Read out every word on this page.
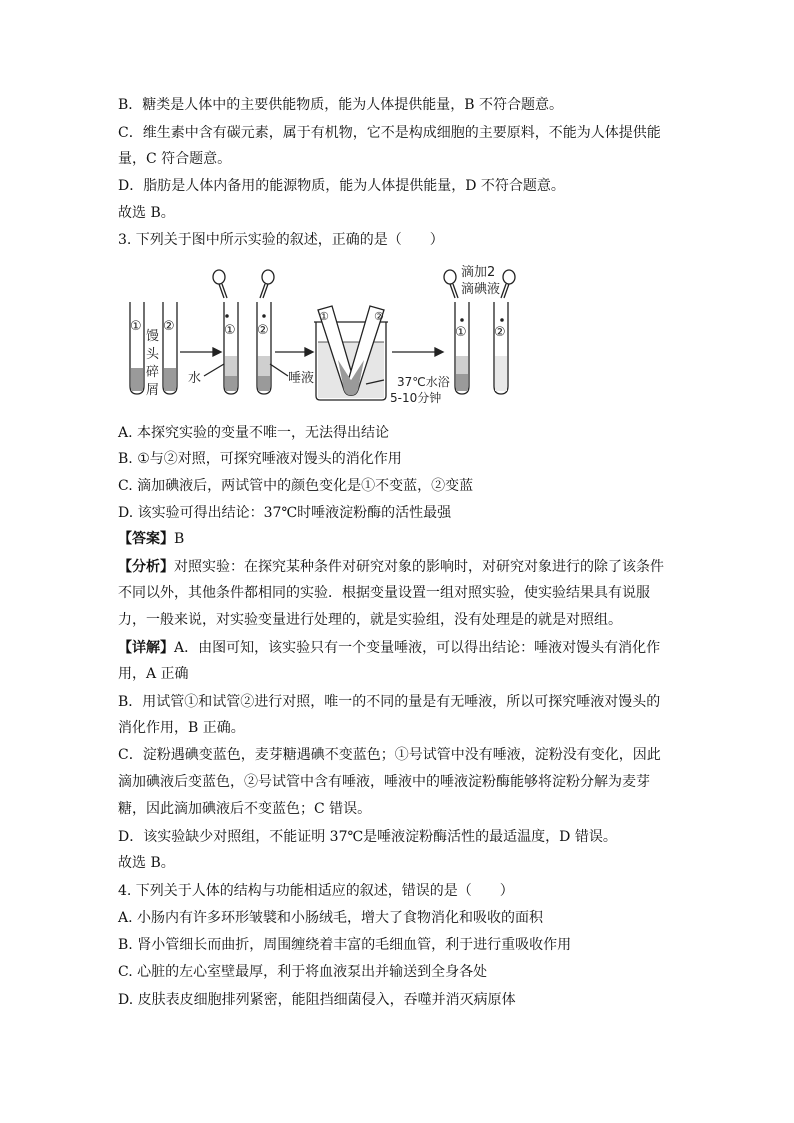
B．糖类是人体中的主要供能物质，能为人体提供能量，B 不符合题意。
C．维生素中含有碳元素，属于有机物，它不是构成细胞的主要原料，不能为人体提供能
量，C 符合题意。
D．脂肪是人体内备用的能源物质，能为人体提供能量，D 不符合题意。
故选 B。
3. 下列关于图中所示实验的叙述，正确的是（　　）
① ②
馒
头
碎
屑
① ②
水	唾液
①	②
37℃水浴
5-10分钟
滴加2
滴碘液
① ②
A. 本探究实验的变量不唯一，无法得出结论
B. ①与②对照，可探究唾液对馒头的消化作用
C. 滴加碘液后，两试管中的颜色变化是①不变蓝，②变蓝
D. 该实验可得出结论：37℃时唾液淀粉酶的活性最强
【答案】B
【分析】对照实验：在探究某种条件对研究对象的影响时，对研究对象进行的除了该条件
不同以外，其他条件都相同的实验．根据变量设置一组对照实验，使实验结果具有说服
力，一般来说，对实验变量进行处理的，就是实验组，没有处理是的就是对照组。
【详解】A．由图可知，该实验只有一个变量唾液，可以得出结论：唾液对馒头有消化作
用，A 正确
B．用试管①和试管②进行对照，唯一的不同的量是有无唾液，所以可探究唾液对馒头的
消化作用，B 正确。
C．淀粉遇碘变蓝色，麦芽糖遇碘不变蓝色；①号试管中没有唾液，淀粉没有变化，因此
滴加碘液后变蓝色，②号试管中含有唾液，唾液中的唾液淀粉酶能够将淀粉分解为麦芽
糖，因此滴加碘液后不变蓝色；C 错误。
D．该实验缺少对照组，不能证明 37℃是唾液淀粉酶活性的最适温度，D 错误。
故选 B。
4. 下列关于人体的结构与功能相适应的叙述，错误的是（　　）
A. 小肠内有许多环形皱襞和小肠绒毛，增大了食物消化和吸收的面积
B. 肾小管细长而曲折，周围缠绕着丰富的毛细血管，利于进行重吸收作用
C. 心脏的左心室壁最厚，利于将血液泵出并输送到全身各处
D. 皮肤表皮细胞排列紧密，能阻挡细菌侵入，吞噬并消灭病原体
